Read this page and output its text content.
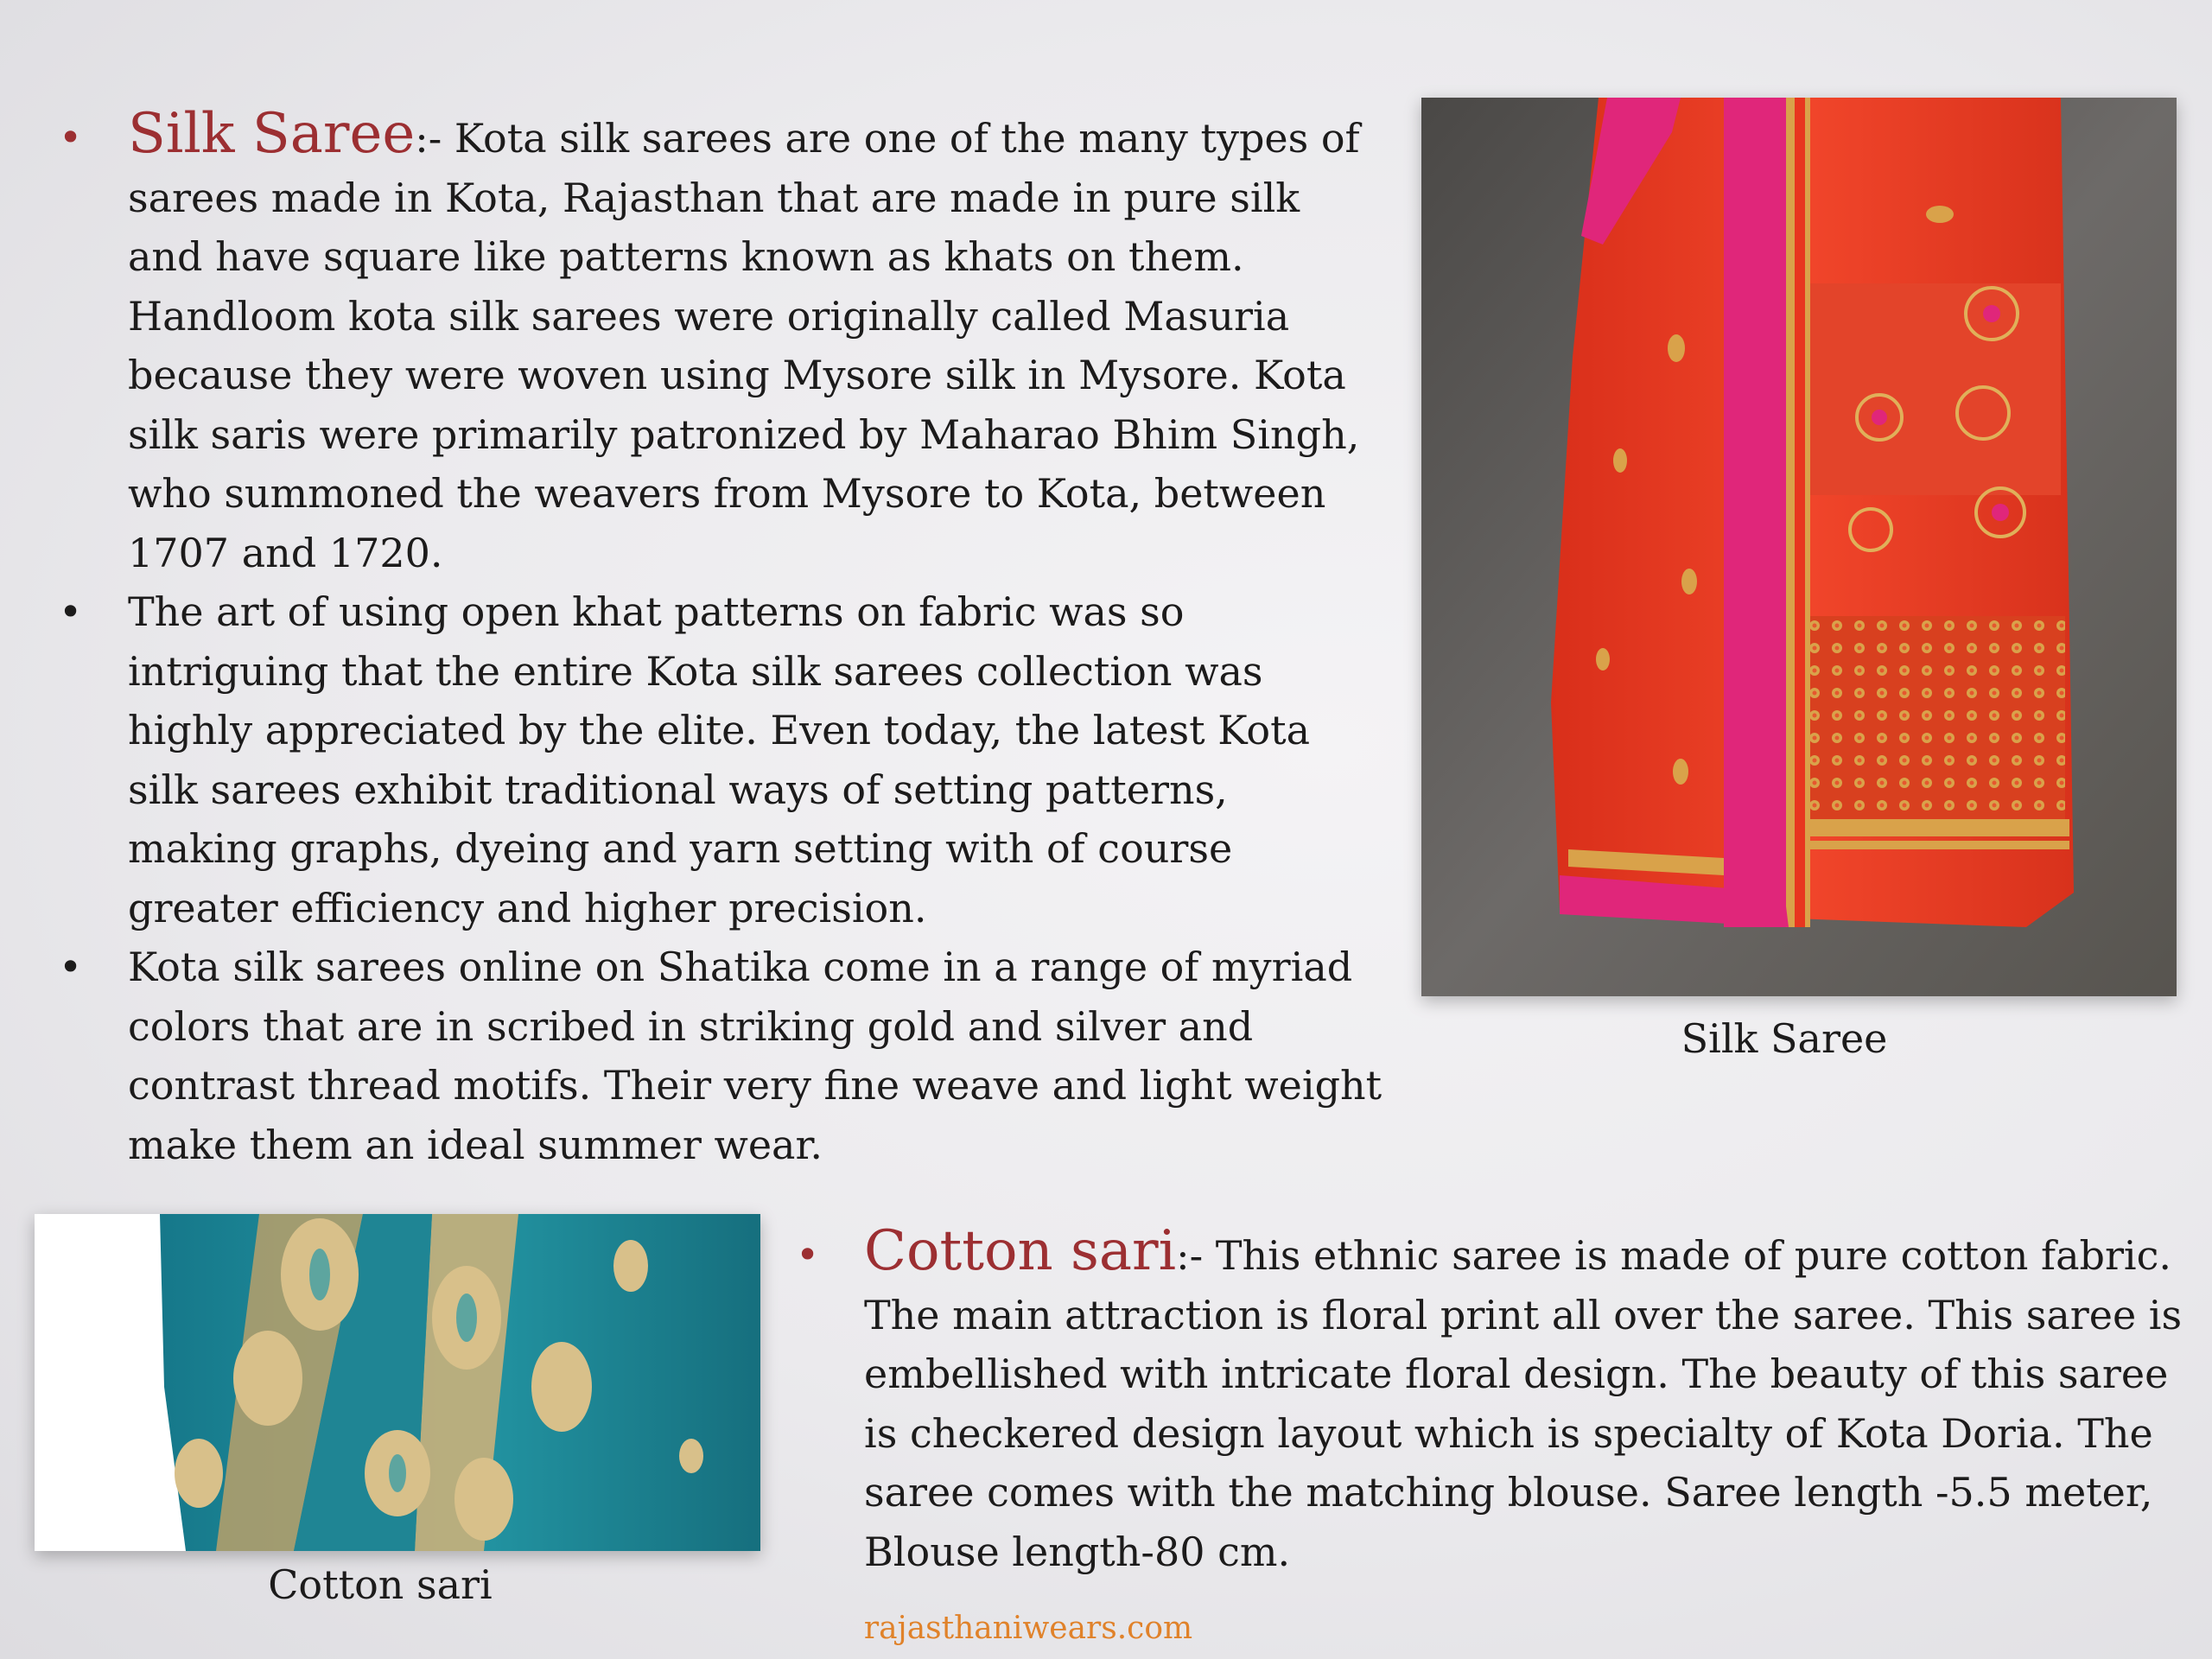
• Silk Saree:- Kota silk sarees are one of the many types of sarees made in Kota, Rajasthan that are made in pure silk and have square like patterns known as khats on them. Handloom kota silk sarees were originally called Masuria because they were woven using Mysore silk in Mysore. Kota silk saris were primarily patronized by Maharao Bhim Singh, who summoned the weavers from Mysore to Kota, between 1707 and 1720.
• The art of using open khat patterns on fabric was so intriguing that the entire Kota silk sarees collection was highly appreciated by the elite. Even today, the latest Kota silk sarees exhibit traditional ways of setting patterns, making graphs, dyeing and yarn setting with of course greater efficiency and higher precision.
• Kota silk sarees online on Shatika come in a range of myriad colors that are in scribed in striking gold and silver and contrast thread motifs. Their very fine weave and light weight make them an ideal summer wear.
Silk Saree
Cotton sari
• Cotton sari:- This ethnic saree is made of pure cotton fabric. The main attraction is floral print all over the saree. This saree is embellished with intricate floral design. The beauty of this saree is checkered design layout which is specialty of Kota Doria. The saree comes with the matching blouse. Saree length -5.5 meter, Blouse length-80 cm.
rajasthaniwears.com
